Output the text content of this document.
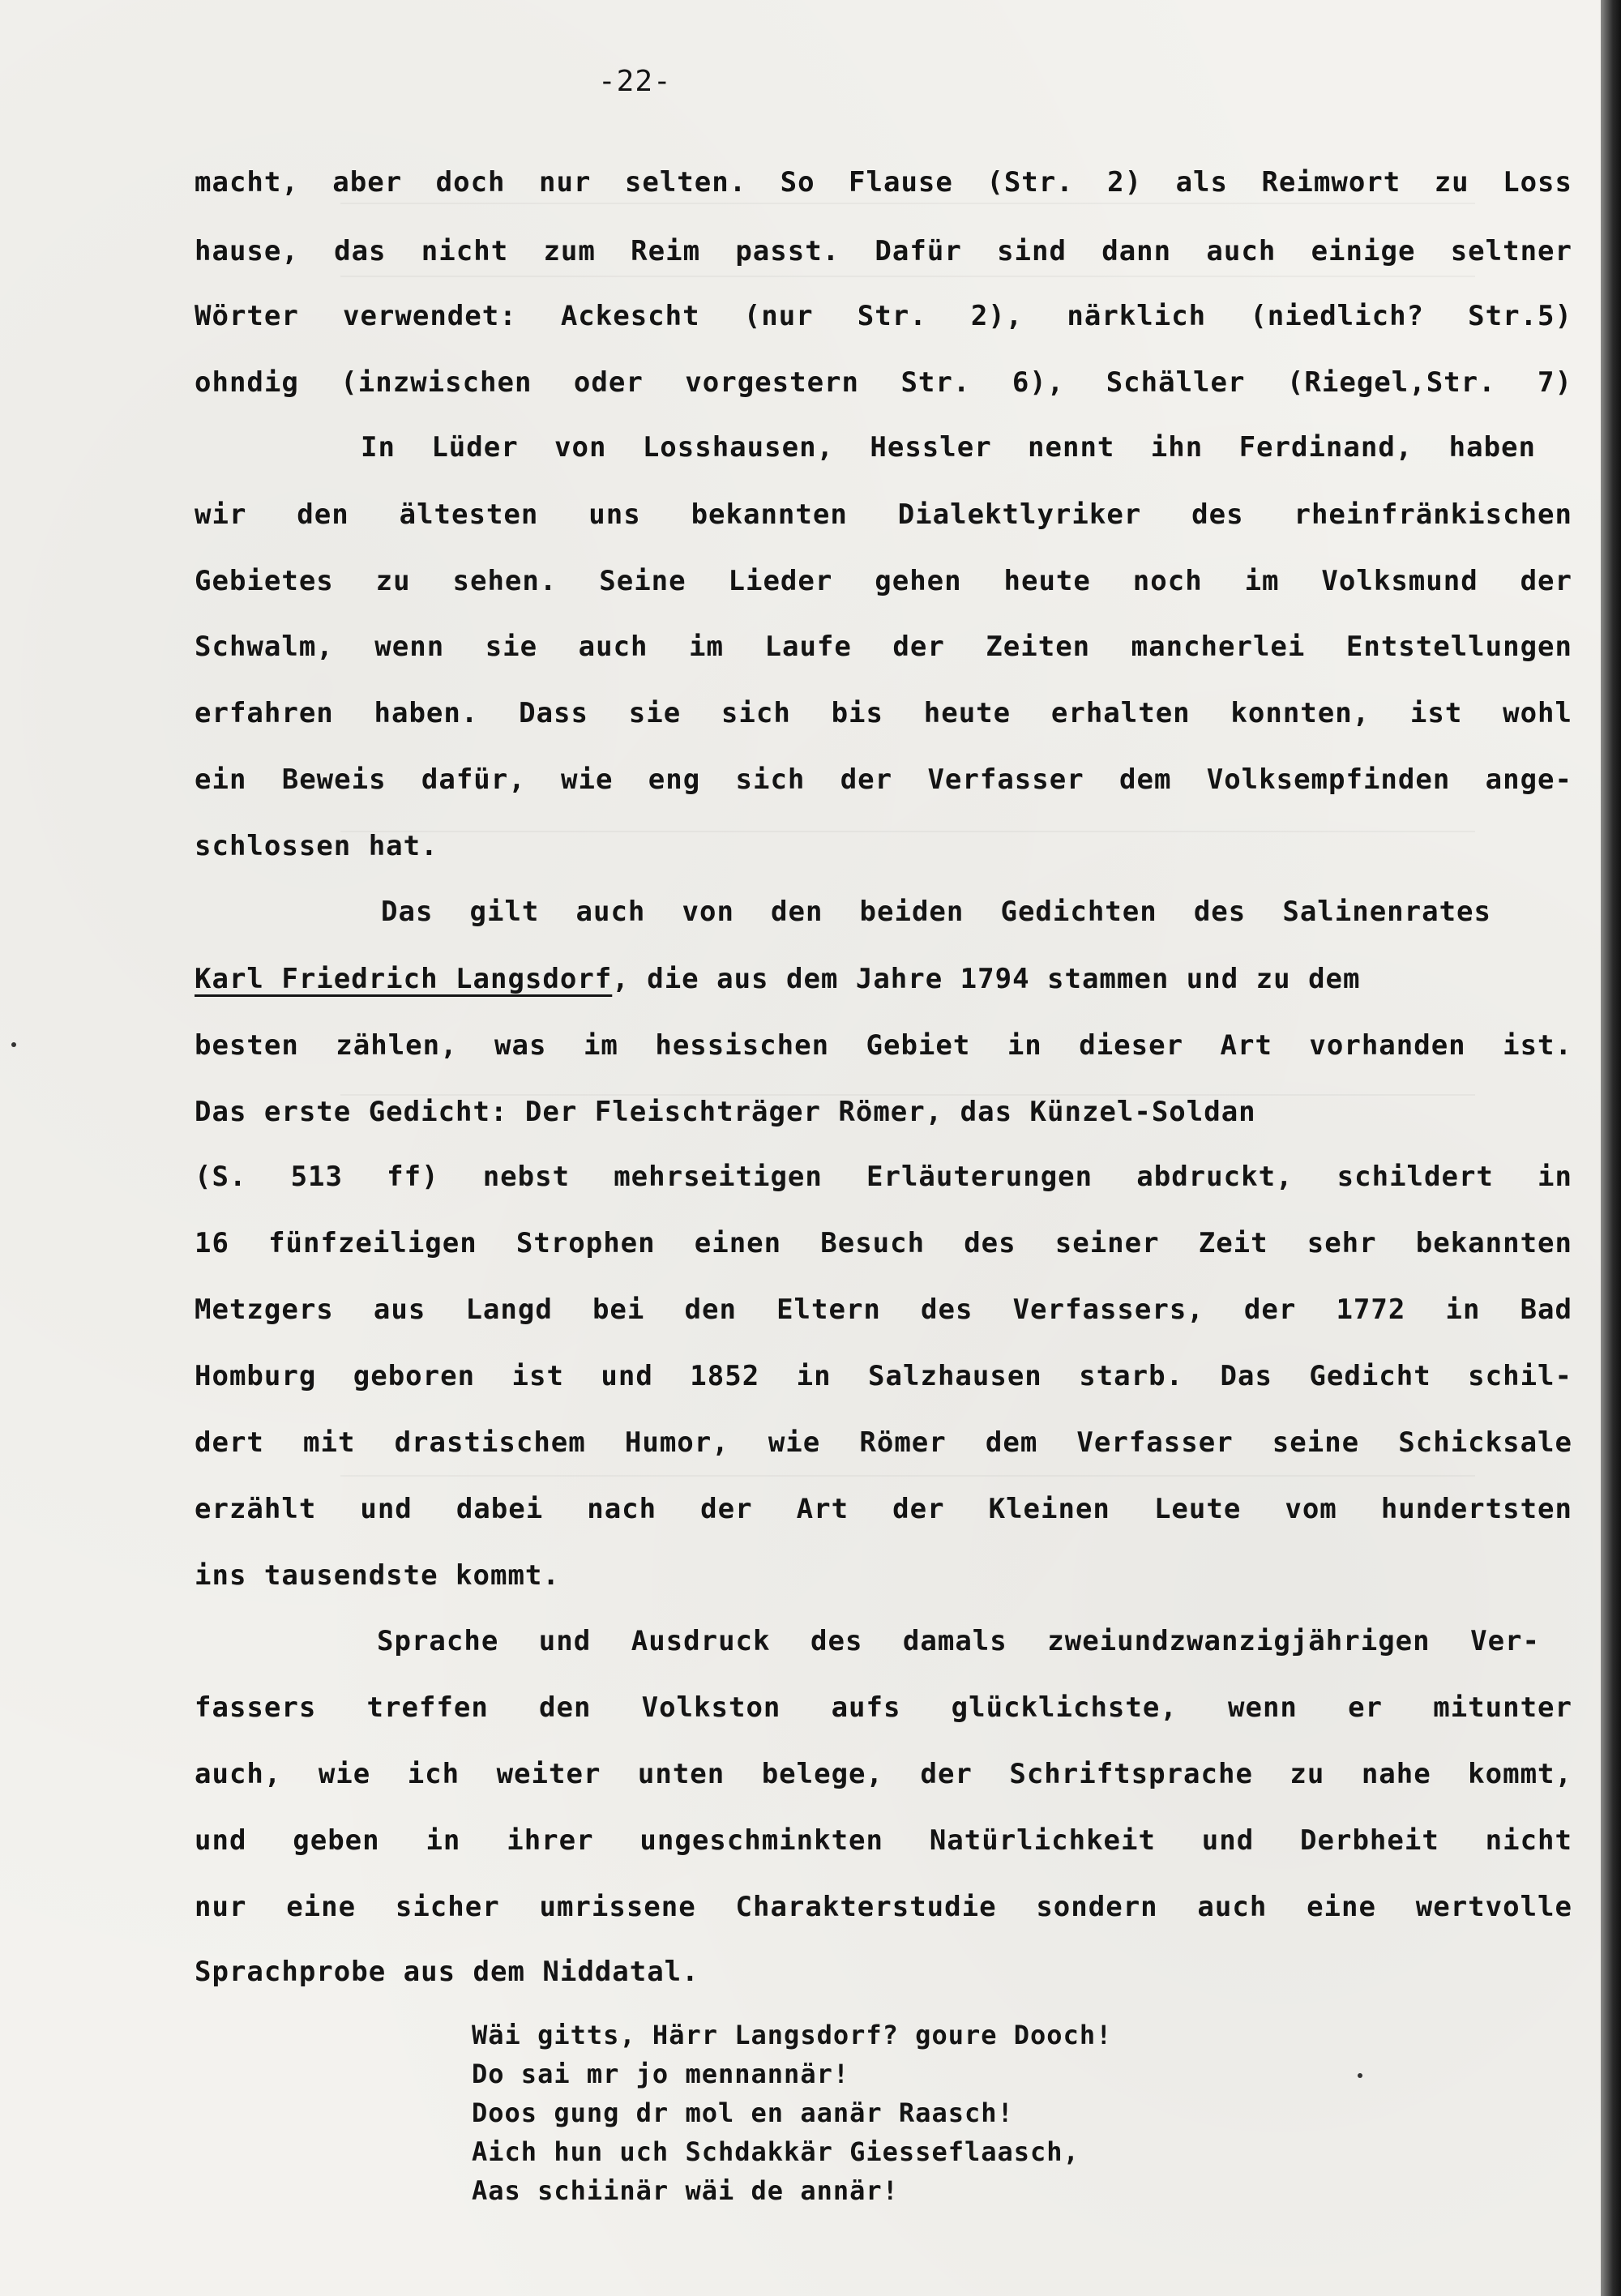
-22-
macht, aber doch nur selten. So Flause (Str. 2) als Reimwort zu Loss
hause, das nicht zum Reim passt. Dafür sind dann auch einige seltner
Wörter verwendet: Ackescht (nur Str. 2), närklich (niedlich? Str.5)
ohndig (inzwischen oder vorgestern Str. 6), Schäller (Riegel,Str. 7)
In Lüder von Losshausen, Hessler nennt ihn Ferdinand, haben
wir den ältesten uns bekannten Dialektlyriker des rheinfränkischen
Gebietes zu sehen. Seine Lieder gehen heute noch im Volksmund der
Schwalm, wenn sie auch im Laufe der Zeiten mancherlei Entstellungen
erfahren haben. Dass sie sich bis heute erhalten konnten, ist wohl
ein Beweis dafür, wie eng sich der Verfasser dem Volksempfinden ange-
schlossen hat.
Das gilt auch von den beiden Gedichten des Salinenrates
Karl Friedrich Langsdorf , die aus dem Jahre 1794 stammen und zu dem
besten zählen, was im hessischen Gebiet in dieser Art vorhanden ist.
Das erste Gedicht: Der Fleischträger Römer, das Künzel-Soldan
(S. 513 ff) nebst mehrseitigen Erläuterungen abdruckt, schildert in
16 fünfzeiligen Strophen einen Besuch des seiner Zeit sehr bekannten
Metzgers aus Langd bei den Eltern des Verfassers, der 1772 in Bad
Homburg geboren ist und 1852 in Salzhausen starb. Das Gedicht schil-
dert mit drastischem Humor, wie Römer dem Verfasser seine Schicksale
erzählt und dabei nach der Art der Kleinen Leute vom hundertsten
ins tausendste kommt.
Sprache und Ausdruck des damals zweiundzwanzigjährigen Ver-
fassers treffen den Volkston aufs glücklichste, wenn er mitunter
auch, wie ich weiter unten belege, der Schriftsprache zu nahe kommt,
und geben in ihrer ungeschminkten Natürlichkeit und Derbheit nicht
nur eine sicher umrissene Charakterstudie sondern auch eine wertvolle
Sprachprobe aus dem Niddatal.
Wäi gitts, Härr Langsdorf? goure Dooch!
Do sai mr jo mennannär!
Doos gung dr mol en aanär Raasch!
Aich hun uch Schdakkär Giesseflaasch,
Aas schiinär wäi de annär!
